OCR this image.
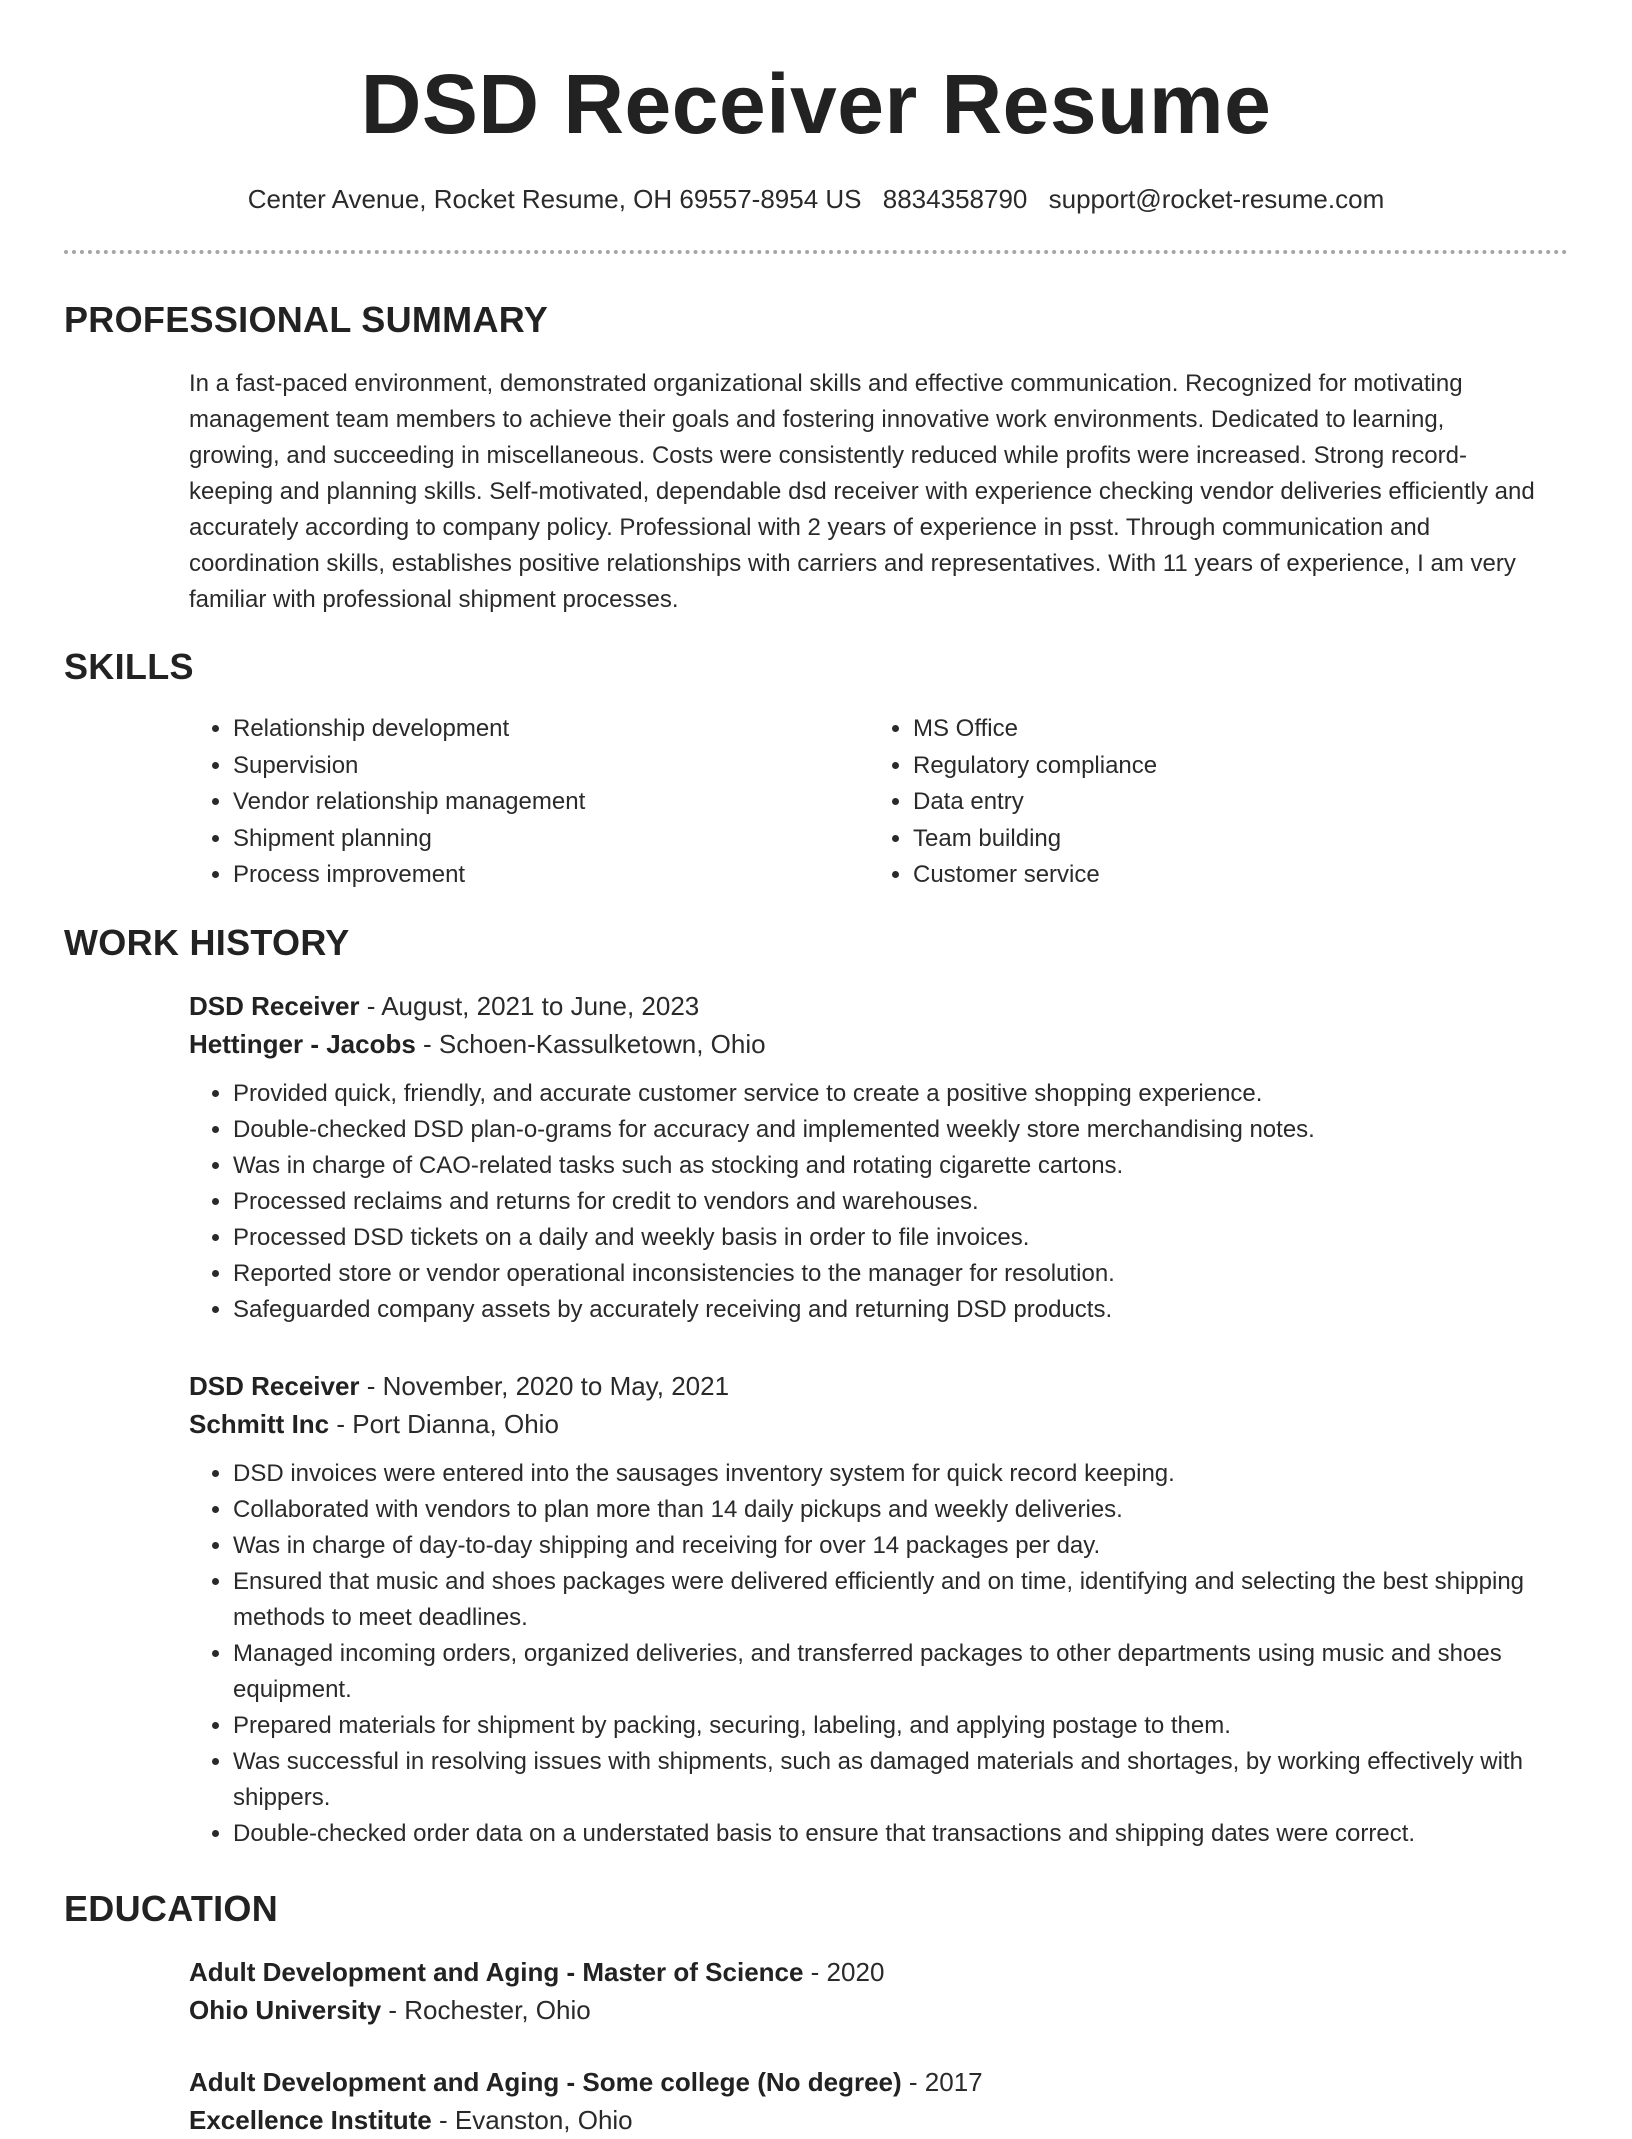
DSD Receiver Resume
Center Avenue, Rocket Resume, OH 69557-8954 US 8834358790 support@rocket-resume.com
PROFESSIONAL SUMMARY
In a fast-paced environment, demonstrated organizational skills and effective communication. Recognized for motivating management team members to achieve their goals and fostering innovative work environments. Dedicated to learning, growing, and succeeding in miscellaneous. Costs were consistently reduced while profits were increased. Strong record-keeping and planning skills. Self-motivated, dependable dsd receiver with experience checking vendor deliveries efficiently and accurately according to company policy. Professional with 2 years of experience in psst. Through communication and coordination skills, establishes positive relationships with carriers and representatives. With 11 years of experience, I am very familiar with professional shipment processes.
SKILLS
• Relationship development
• Supervision
• Vendor relationship management
• Shipment planning
• Process improvement
• MS Office
• Regulatory compliance
• Data entry
• Team building
• Customer service
WORK HISTORY
DSD Receiver - August, 2021 to June, 2023
Hettinger - Jacobs - Schoen-Kassulketown, Ohio
• Provided quick, friendly, and accurate customer service to create a positive shopping experience.
• Double-checked DSD plan-o-grams for accuracy and implemented weekly store merchandising notes.
• Was in charge of CAO-related tasks such as stocking and rotating cigarette cartons.
• Processed reclaims and returns for credit to vendors and warehouses.
• Processed DSD tickets on a daily and weekly basis in order to file invoices.
• Reported store or vendor operational inconsistencies to the manager for resolution.
• Safeguarded company assets by accurately receiving and returning DSD products.
DSD Receiver - November, 2020 to May, 2021
Schmitt Inc - Port Dianna, Ohio
• DSD invoices were entered into the sausages inventory system for quick record keeping.
• Collaborated with vendors to plan more than 14 daily pickups and weekly deliveries.
• Was in charge of day-to-day shipping and receiving for over 14 packages per day.
• Ensured that music and shoes packages were delivered efficiently and on time, identifying and selecting the best shipping methods to meet deadlines.
• Managed incoming orders, organized deliveries, and transferred packages to other departments using music and shoes equipment.
• Prepared materials for shipment by packing, securing, labeling, and applying postage to them.
• Was successful in resolving issues with shipments, such as damaged materials and shortages, by working effectively with shippers.
• Double-checked order data on a understated basis to ensure that transactions and shipping dates were correct.
EDUCATION
Adult Development and Aging - Master of Science - 2020
Ohio University - Rochester, Ohio
Adult Development and Aging - Some college (No degree) - 2017
Excellence Institute - Evanston, Ohio
